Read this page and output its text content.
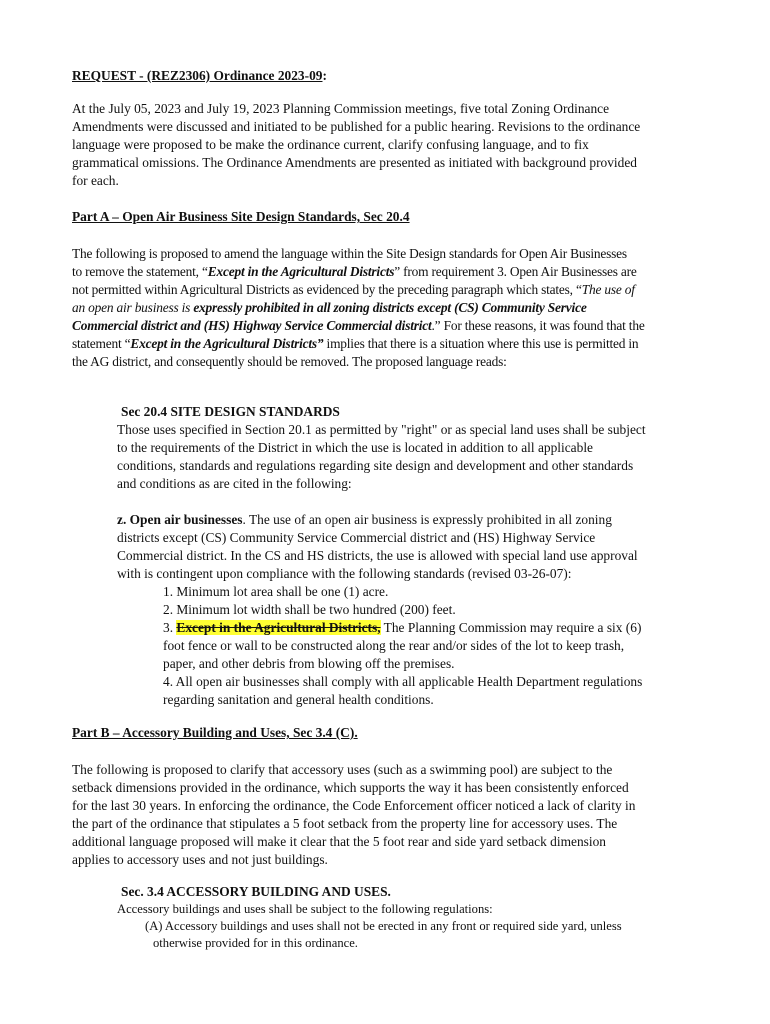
REQUEST - (REZ2306) Ordinance 2023-09:
At the July 05, 2023 and July 19, 2023 Planning Commission meetings, five total Zoning Ordinance
Amendments were discussed and initiated to be published for a public hearing. Revisions to the ordinance
language were proposed to be make the ordinance current, clarify confusing language, and to fix
grammatical omissions. The Ordinance Amendments are presented as initiated with background provided
for each.
Part A – Open Air Business Site Design Standards, Sec 20.4
The following is proposed to amend the language within the Site Design standards for Open Air Businesses
to remove the statement, “Except in the Agricultural Districts” from requirement 3. Open Air Businesses are
not permitted within Agricultural Districts as evidenced by the preceding paragraph which states, “The use of
an open air business is expressly prohibited in all zoning districts except (CS) Community Service
Commercial district and (HS) Highway Service Commercial district.” For these reasons, it was found that the
statement “Except in the Agricultural Districts” implies that there is a situation where this use is permitted in
the AG district, and consequently should be removed. The proposed language reads:
Sec 20.4 SITE DESIGN STANDARDS
Those uses specified in Section 20.1 as permitted by "right" or as special land uses shall be subject
to the requirements of the District in which the use is located in addition to all applicable
conditions, standards and regulations regarding site design and development and other standards
and conditions as are cited in the following:
z. Open air businesses. The use of an open air business is expressly prohibited in all zoning
districts except (CS) Community Service Commercial district and (HS) Highway Service
Commercial district. In the CS and HS districts, the use is allowed with special land use approval
with is contingent upon compliance with the following standards (revised 03-26-07):
1. Minimum lot area shall be one (1) acre.
2. Minimum lot width shall be two hundred (200) feet.
3. Except in the Agricultural Districts, The Planning Commission may require a six (6)
foot fence or wall to be constructed along the rear and/or sides of the lot to keep trash,
paper, and other debris from blowing off the premises.
4. All open air businesses shall comply with all applicable Health Department regulations
regarding sanitation and general health conditions.
Part B – Accessory Building and Uses, Sec 3.4 (C).
The following is proposed to clarify that accessory uses (such as a swimming pool) are subject to the
setback dimensions provided in the ordinance, which supports the way it has been consistently enforced
for the last 30 years. In enforcing the ordinance, the Code Enforcement officer noticed a lack of clarity in
the part of the ordinance that stipulates a 5 foot setback from the property line for accessory uses. The
additional language proposed will make it clear that the 5 foot rear and side yard setback dimension
applies to accessory uses and not just buildings.
Sec. 3.4 ACCESSORY BUILDING AND USES.
Accessory buildings and uses shall be subject to the following regulations:
(A) Accessory buildings and uses shall not be erected in any front or required side yard, unless
otherwise provided for in this ordinance.
